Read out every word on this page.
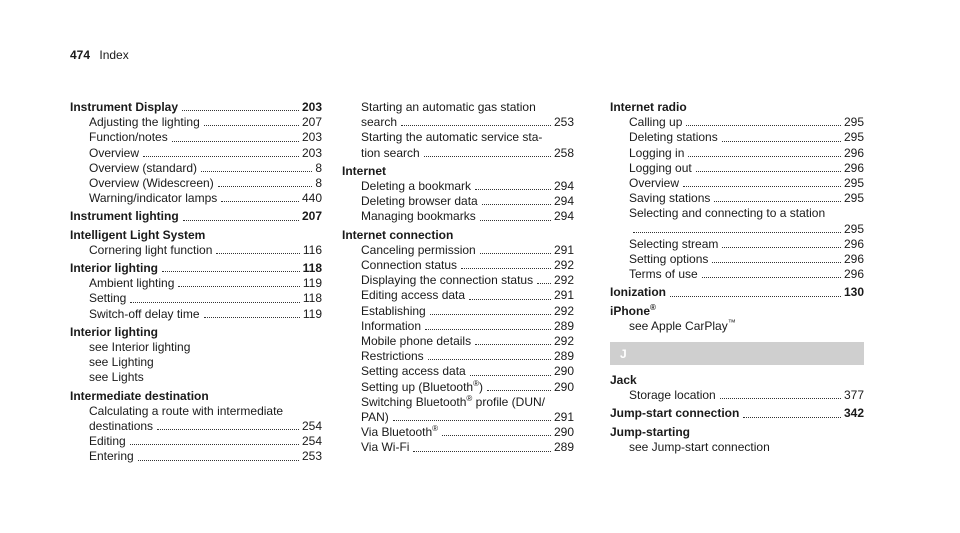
474 Index
Instrument Display	203
Adjusting the lighting	207
Function/notes	203
Overview	203
Overview (standard)	8
Overview (Widescreen)	8
Warning/indicator lamps	440
Instrument lighting	207
Intelligent Light System
Cornering light function	116
Interior lighting	118
Ambient lighting	119
Setting	118
Switch-off delay time	119
Interior lighting
see Interior lighting
see Lighting
see Lights
Intermediate destination
Calculating a route with intermediate
destinations	254
Editing	254
Entering	253
Starting an automatic gas station
search	253
Starting the automatic service sta-
tion search	258
Internet
Deleting a bookmark	294
Deleting browser data	294
Managing bookmarks	294
Internet connection
Canceling permission	291
Connection status	292
Displaying the connection status 292
Editing access data	291
Establishing	292
Information	289
Mobile phone details	292
Restrictions	289
Setting access data	290
Setting up (Bluetooth®)	290
Switching Bluetooth® profile (DUN/
PAN)	291
Via Bluetooth®	290
Via Wi-Fi	289
Internet radio
Calling up	295
Deleting stations	295
Logging in	296
Logging out	296
Overview	295
Saving stations	295
Selecting and connecting to a station
295
Selecting stream	296
Setting options	296
Terms of use	296
Ionization	130
iPhone®
see Apple CarPlay™
J
Jack
Storage location	377
Jump-start connection	342
Jump-starting
see Jump-start connection
